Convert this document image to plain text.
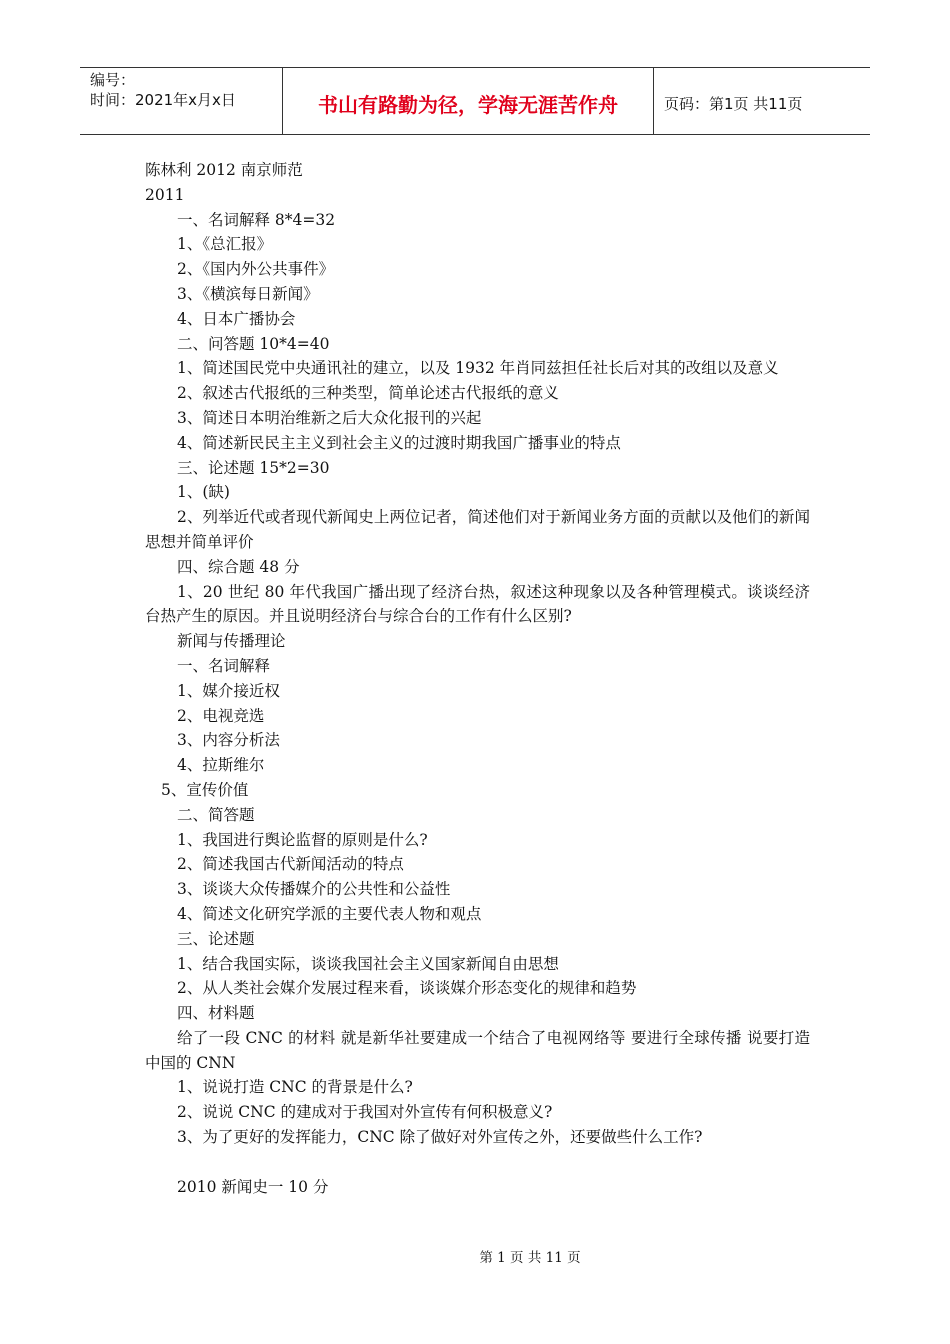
编号：
时间：2021年x月x日	书山有路勤为径，学海无涯苦作舟	页码：第1页 共11页
陈林利 2012 南京师范
2011
一、名词解释 8*4=32
1、《总汇报》
2、《国内外公共事件》
3、《横滨每日新闻》
4、日本广播协会
二、问答题 10*4=40
1、简述国民党中央通讯社的建立，以及 1932 年肖同兹担任社长后对其的改组以及意义
2、叙述古代报纸的三种类型，简单论述古代报纸的意义
3、简述日本明治维新之后大众化报刊的兴起
4、简述新民民主主义到社会主义的过渡时期我国广播事业的特点
三、论述题 15*2=30
1、(缺)
2、列举近代或者现代新闻史上两位记者，简述他们对于新闻业务方面的贡献以及他们的新闻思想并简单评价
四、综合题 48 分
1、20 世纪 80 年代我国广播出现了经济台热，叙述这种现象以及各种管理模式。谈谈经济台热产生的原因。并且说明经济台与综合台的工作有什么区别?
新闻与传播理论
一、名词解释
1、媒介接近权
2、电视竞选
3、内容分析法
4、拉斯维尔
5、宣传价值
二、简答题
1、我国进行舆论监督的原则是什么?
2、简述我国古代新闻活动的特点
3、谈谈大众传播媒介的公共性和公益性
4、简述文化研究学派的主要代表人物和观点
三、论述题
1、结合我国实际，谈谈我国社会主义国家新闻自由思想
2、从人类社会媒介发展过程来看，谈谈媒介形态变化的规律和趋势
四、材料题
给了一段 CNC 的材料 就是新华社要建成一个结合了电视网络等 要进行全球传播 说要打造中国的 CNN
1、说说打造 CNC 的背景是什么?
2、说说 CNC 的建成对于我国对外宣传有何积极意义?
3、为了更好的发挥能力，CNC 除了做好对外宣传之外，还要做些什么工作?
2010 新闻史一 10 分
第 1 页 共 11 页
